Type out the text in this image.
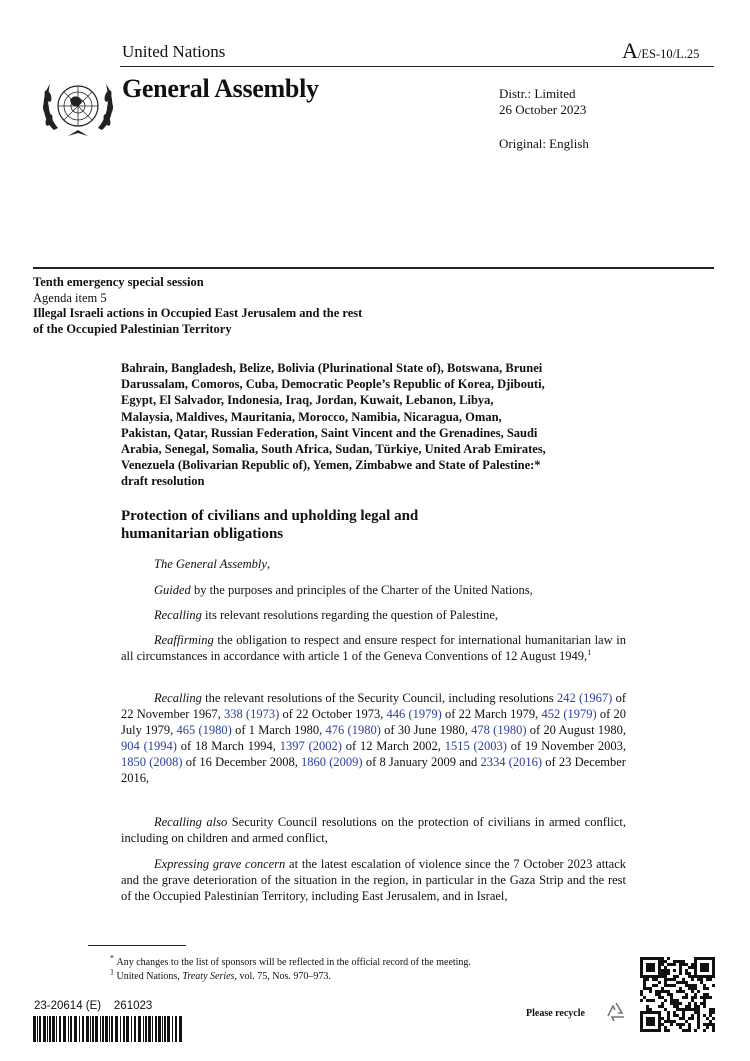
United Nations	A/ES-10/L.25
General Assembly	Distr.: Limited
26 October 2023
Original: English
Tenth emergency special session
Agenda item 5
Illegal Israeli actions in Occupied East Jerusalem and the rest
of the Occupied Palestinian Territory
Bahrain, Bangladesh, Belize, Bolivia (Plurinational State of), Botswana, Brunei
Darussalam, Comoros, Cuba, Democratic People’s Republic of Korea, Djibouti,
Egypt, El Salvador, Indonesia, Iraq, Jordan, Kuwait, Lebanon, Libya,
Malaysia, Maldives, Mauritania, Morocco, Namibia, Nicaragua, Oman,
Pakistan, Qatar, Russian Federation, Saint Vincent and the Grenadines, Saudi
Arabia, Senegal, Somalia, South Africa, Sudan, Türkiye, United Arab Emirates,
Venezuela (Bolivarian Republic of), Yemen, Zimbabwe and State of Palestine:*
draft resolution
Protection of civilians and upholding legal and
humanitarian obligations
The General Assembly,
Guided by the purposes and principles of the Charter of the United Nations,
Recalling its relevant resolutions regarding the question of Palestine,
Reaffirming the obligation to respect and ensure respect for international humanitarian law in all circumstances in accordance with article 1 of the Geneva Conventions of 12 August 1949,$^1$
Recalling the relevant resolutions of the Security Council, including resolutions 242 (1967) of 22 November 1967, 338 (1973) of 22 October 1973, 446 (1979) of 22 March 1979, 452 (1979) of 20 July 1979, 465 (1980) of 1 March 1980, 476 (1980) of 30 June 1980, 478 (1980) of 20 August 1980, 904 (1994) of 18 March 1994, 1397 (2002) of 12 March 2002, 1515 (2003) of 19 November 2003, 1850 (2008) of 16 December 2008, 1860 (2009) of 8 January 2009 and 2334 (2016) of 23 December 2016,
Recalling also Security Council resolutions on the protection of civilians in armed conflict, including on children and armed conflict,
Expressing grave concern at the latest escalation of violence since the 7 October 2023 attack and the grave deterioration of the situation in the region, in particular in the Gaza Strip and the rest of the Occupied Palestinian Territory, including East Jerusalem, and in Israel,
* Any changes to the list of sponsors will be reflected in the official record of the meeting.
$^1$ United Nations, Treaty Series, vol. 75, Nos. 970–973.
23-20614 (E)    261023
Please recycle
